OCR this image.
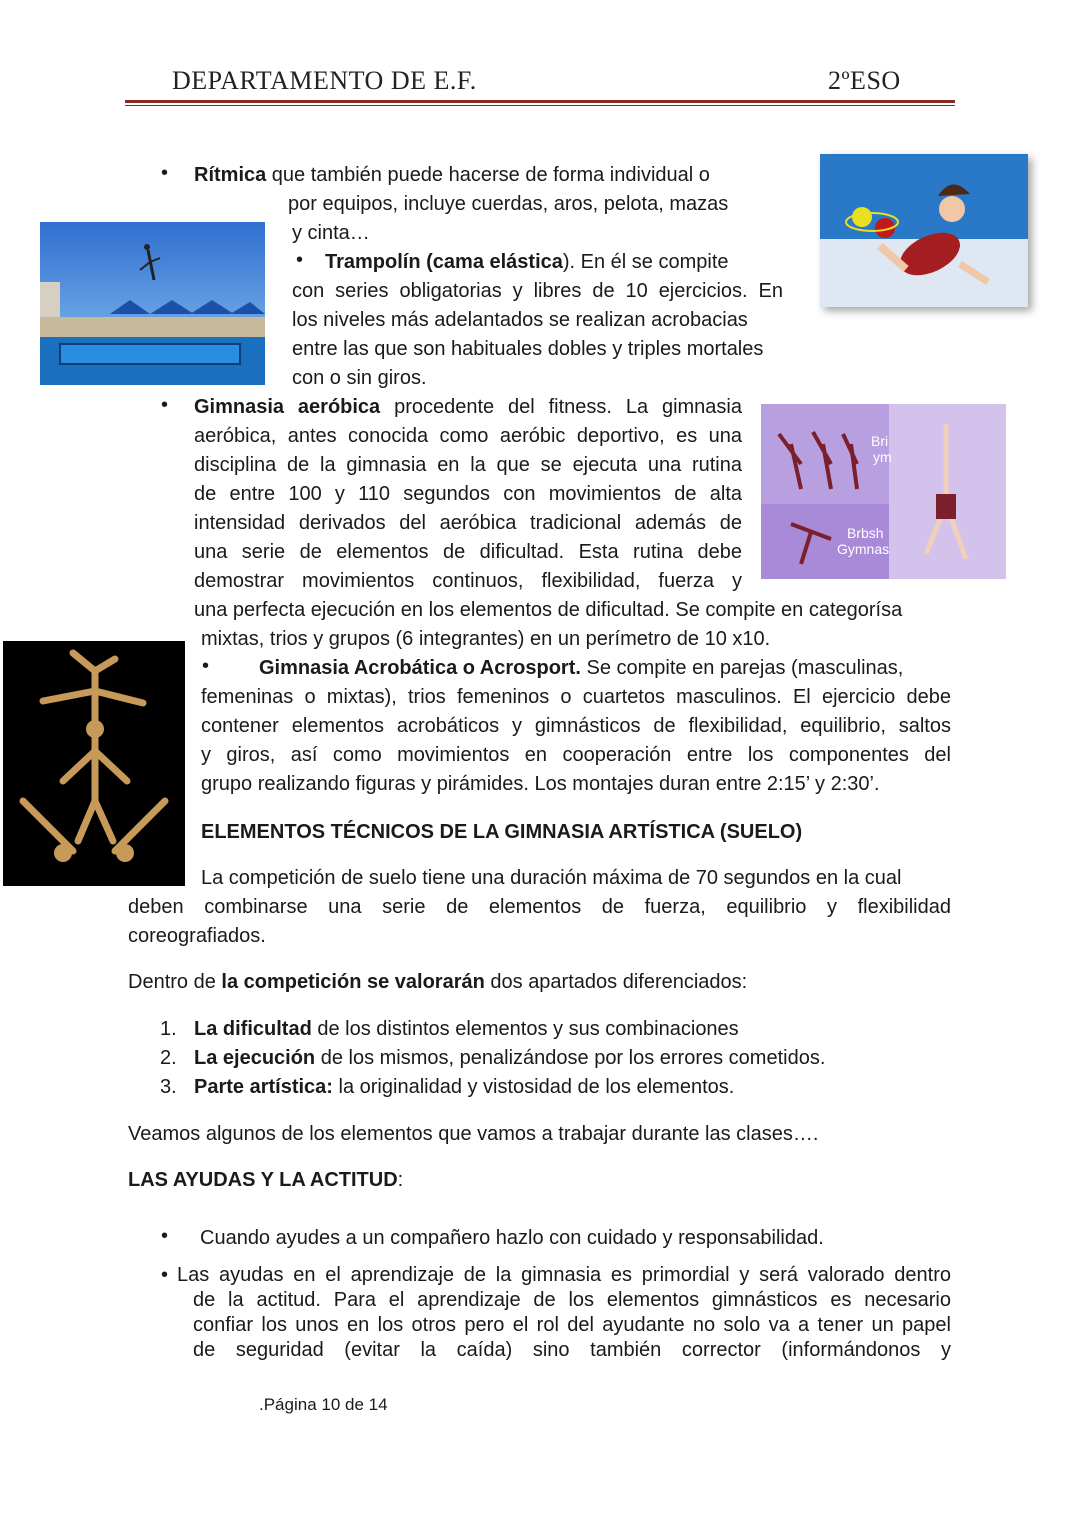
DEPARTAMENTO DE E.F.	2ºESO
Bri
ym
Brbsh
Gymnas
• Rítmica que también puede hacerse de forma individual o
por equipos, incluye cuerdas, aros, pelota, mazas
y cinta…
• Trampolín (cama elástica). En él se compite
con series obligatorias y libres de 10 ejercicios. En
los niveles más adelantados se realizan acrobacias
entre las que son habituales dobles y triples mortales
con o sin giros.
• Gimnasia aeróbica procedente del fitness. La gimnasia
aeróbica, antes conocida como aeróbic deportivo, es una
disciplina de la gimnasia en la que se ejecuta una rutina
de entre 100 y 110 segundos con movimientos de alta
intensidad derivados del aeróbica tradicional además de
una serie de elementos de dificultad. Esta rutina debe
demostrar movimientos continuos, flexibilidad, fuerza y
una perfecta ejecución en los elementos de dificultad. Se compite en categorísa
mixtas, trios y grupos (6 integrantes) en un perímetro de 10 x10.
• Gimnasia Acrobática o Acrosport. Se compite en parejas (masculinas,
femeninas o mixtas), trios femeninos o cuartetos masculinos. El ejercicio debe
contener elementos acrobáticos y gimnásticos de flexibilidad, equilibrio, saltos
y giros, así como movimientos en cooperación entre los componentes del
grupo realizando figuras y pirámides. Los montajes duran entre 2:15’ y 2:30’.
ELEMENTOS TÉCNICOS DE LA GIMNASIA ARTÍSTICA (SUELO)
La competición de suelo tiene una duración máxima de 70 segundos en la cual
deben combinarse una serie de elementos de fuerza, equilibrio y flexibilidad
coreografiados.
Dentro de la competición se valorarán dos apartados diferenciados:
1. La dificultad de los distintos elementos y sus combinaciones
2. La ejecución de los mismos, penalizándose por los errores cometidos.
3. Parte artística: la originalidad y vistosidad de los elementos.
Veamos algunos de los elementos que vamos a trabajar durante las clases….
LAS AYUDAS Y LA ACTITUD:
• Cuando ayudes a un compañero hazlo con cuidado y responsabilidad.
• Las ayudas en el aprendizaje de la gimnasia es primordial y será valorado dentro
de la actitud. Para el aprendizaje de los elementos gimnásticos es necesario
confiar los unos en los otros pero el rol del ayudante no solo va a tener un papel
de seguridad (evitar la caída) sino también corrector (informándonos y
.Página 10 de 14
